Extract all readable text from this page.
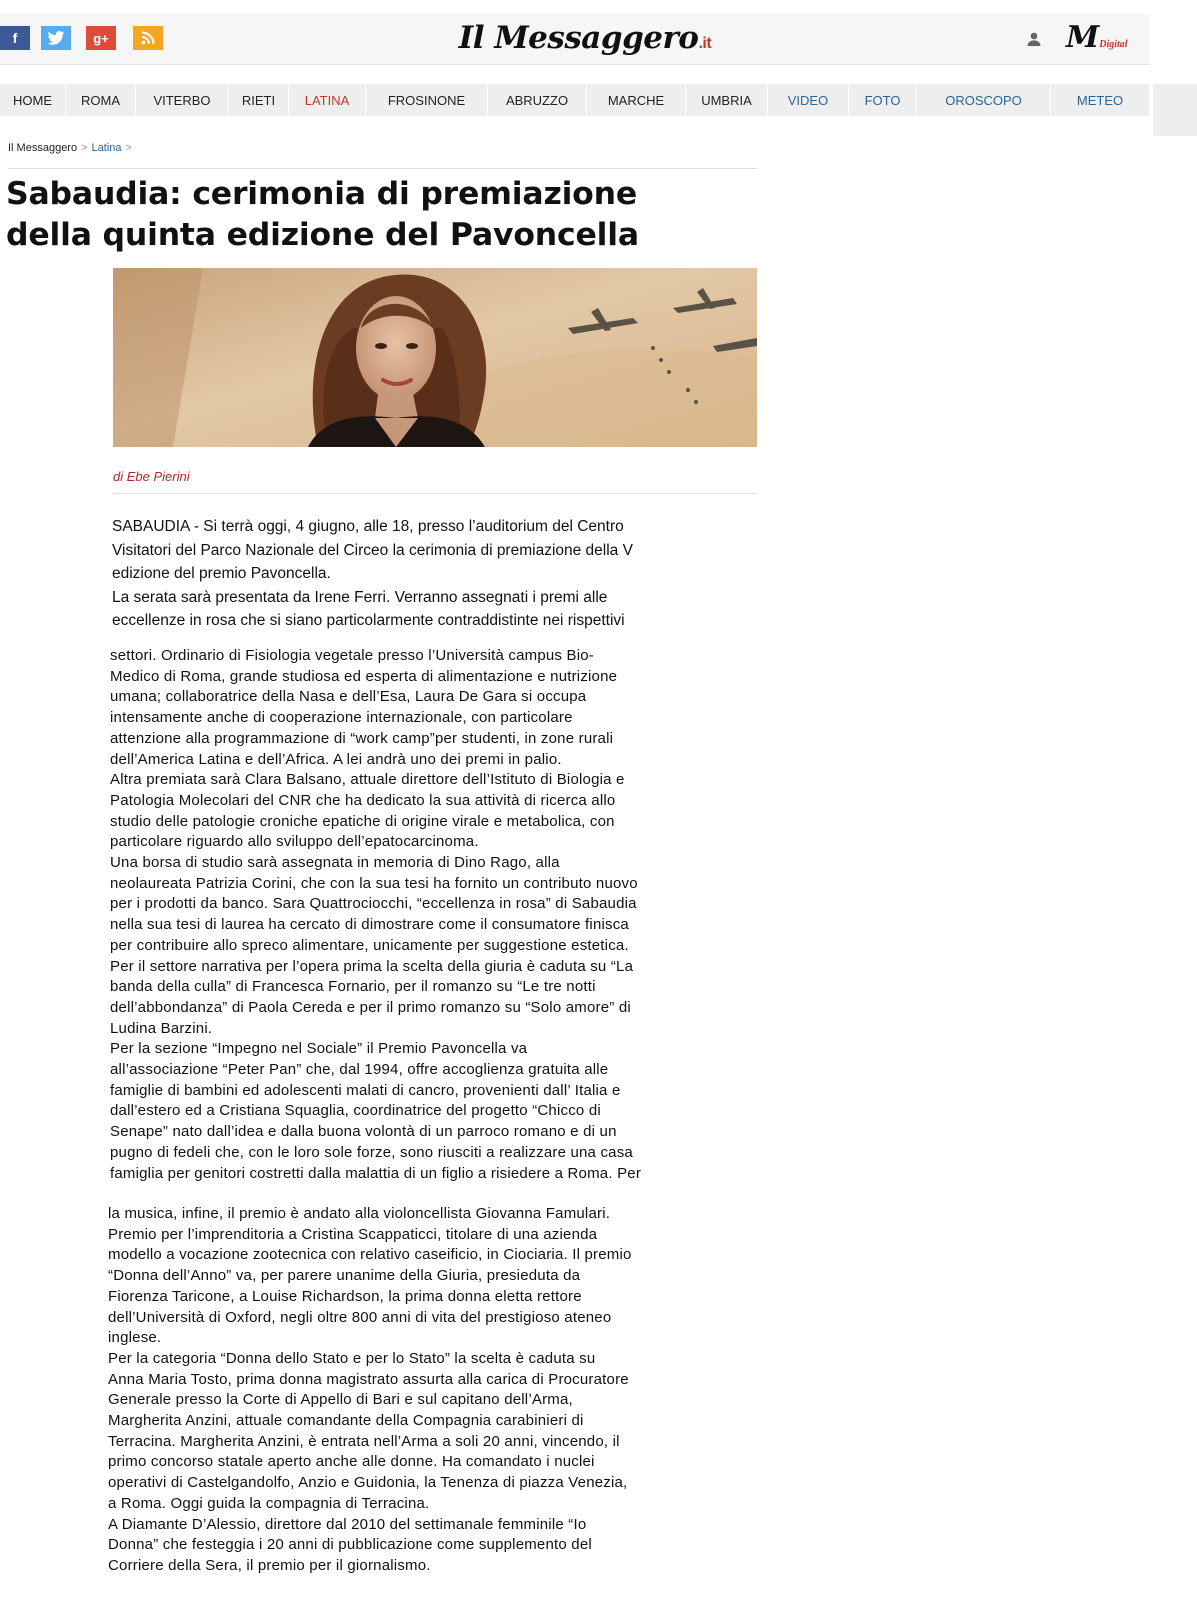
f	g+	Il Messaggero.it	MDigital
HOME ROMA	VITERBO RIETI LATINA	FROSINONE	ABRUZZO	MARCHE	UMBRIA	VIDEO	FOTO	OROSCOPO	METEO
Il Messaggero > Latina >
Sabaudia: cerimonia di premiazione
della quinta edizione del Pavoncella
di Ebe Pierini

SABAUDIA - Si terrà oggi, 4 giugno, alle 18, presso l’auditorium del Centro

Visitatori del Parco Nazionale del Circeo la cerimonia di premiazione della V

edizione del premio Pavoncella.

La serata sarà presentata da Irene Ferri. Verranno assegnati i premi alle

eccellenze in rosa che si siano particolarmente contraddistinte nei rispettivi

settori. Ordinario di Fisiologia vegetale presso l’Università campus Bio-

Medico di Roma, grande studiosa ed esperta di alimentazione e nutrizione

umana; collaboratrice della Nasa e dell’Esa, Laura De Gara si occupa

intensamente anche di cooperazione internazionale, con particolare

attenzione alla programmazione di “work camp”per studenti, in zone rurali

dell’America Latina e dell’Africa. A lei andrà uno dei premi in palio.

Altra premiata sarà Clara Balsano, attuale direttore dell’Istituto di Biologia e

Patologia Molecolari del CNR che ha dedicato la sua attività di ricerca allo

studio delle patologie croniche epatiche di origine virale e metabolica, con

particolare riguardo allo sviluppo dell’epatocarcinoma.

Una borsa di studio sarà assegnata in memoria di Dino Rago, alla

neolaureata Patrizia Corini, che con la sua tesi ha fornito un contributo nuovo

per i prodotti da banco. Sara Quattrociocchi, “eccellenza in rosa” di Sabaudia

nella sua tesi di laurea ha cercato di dimostrare come il consumatore finisca

per contribuire allo spreco alimentare, unicamente per suggestione estetica.

Per il settore narrativa per l’opera prima la scelta della giuria è caduta su “La

banda della culla” di Francesca Fornario, per il romanzo su “Le tre notti

dell’abbondanza” di Paola Cereda e per il primo romanzo su “Solo amore” di

Ludina Barzini.

Per la sezione “Impegno nel Sociale” il Premio Pavoncella va

all’associazione “Peter Pan” che, dal 1994, offre accoglienza gratuita alle

famiglie di bambini ed adolescenti malati di cancro, provenienti dall’ Italia e

dall’estero ed a Cristiana Squaglia, coordinatrice del progetto “Chicco di

Senape” nato dall’idea e dalla buona volontà di un parroco romano e di un

pugno di fedeli che, con le loro sole forze, sono riusciti a realizzare una casa

famiglia per genitori costretti dalla malattia di un figlio a risiedere a Roma. Per

la musica, infine, il premio è andato alla violoncellista Giovanna Famulari.

Premio per l’imprenditoria a Cristina Scappaticci, titolare di una azienda

modello a vocazione zootecnica con relativo caseificio, in Ciociaria. Il premio

“Donna dell’Anno” va, per parere unanime della Giuria, presieduta da

Fiorenza Taricone, a Louise Richardson, la prima donna eletta rettore

dell’Università di Oxford, negli oltre 800 anni di vita del prestigioso ateneo

inglese.

Per la categoria “Donna dello Stato e per lo Stato” la scelta è caduta su

Anna Maria Tosto, prima donna magistrato assurta alla carica di Procuratore

Generale presso la Corte di Appello di Bari e sul capitano dell’Arma,

Margherita Anzini, attuale comandante della Compagnia carabinieri di

Terracina. Margherita Anzini, è entrata nell’Arma a soli 20 anni, vincendo, il

primo concorso statale aperto anche alle donne. Ha comandato i nuclei

operativi di Castelgandolfo, Anzio e Guidonia, la Tenenza di piazza Venezia,

a Roma. Oggi guida la compagnia di Terracina.

A Diamante D’Alessio, direttore dal 2010 del settimanale femminile “Io

Donna” che festeggia i 20 anni di pubblicazione come supplemento del

Corriere della Sera, il premio per il giornalismo.
